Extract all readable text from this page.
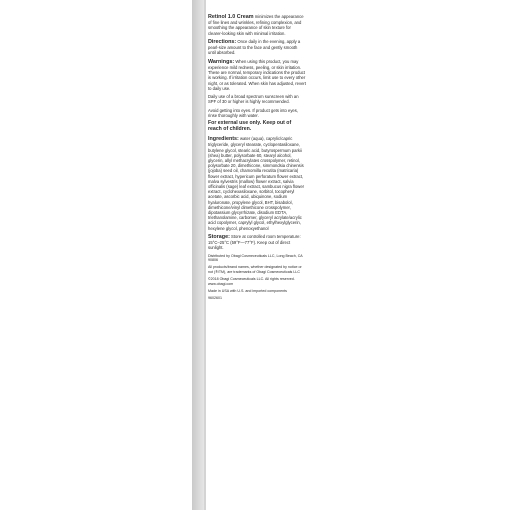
Retinol 1.0 Cream minimizes the appearance of fine lines and wrinkles, refining complexion, and smoothing the appearance of skin texture for clearer-looking skin with minimal irritation.

Directions: Once daily in the evening, apply a pearl-size amount to the face and gently smooth until absorbed.

Warnings: When using this product, you may experience mild redness, peeling, or skin irritation. These are normal, temporary indications the product is working. If irritation occurs, limit use to every other night, or as tolerated. When skin has adjusted, revert to daily use.

Daily use of a broad spectrum sunscreen with an SPF of 30 or higher is highly recommended.

Avoid getting into eyes. If product gets into eyes, rinse thoroughly with water.

For external use only. Keep out of reach of children.

Ingredients: water (aqua), caprylic/capric triglyceride, glyceryl stearate, cyclopentasiloxane, butylene glycol, stearic acid, butyrospermum parkii (shea) butter, polysorbate 60, stearyl alcohol, glycerin, allyl methacrylates crosspolymer, retinol, polysorbate 20, dimethicone, simmondsia chinensis (jojoba) seed oil, chamomilla recutita (matricaria) flower extract, hypericum perforatum flower extract, malva sylvestris (mallow) flower extract, salvia officinalis (sage) leaf extract, sambucus nigra flower extract, cyclohexasiloxane, sorbitol, tocopheryl acetate, ascorbic acid, ubiquinone, sodium hyaluronate, propylene glycol, BHT, bisabolol, dimethicone/vinyl dimethicone crosspolymer, dipotassium glycyrrhizate, disodium EDTA, triethanolamine, carbomer, glyceryl acrylate/acrylic acid copolymer, caprylyl glycol, ethylhexylglycerin, hexylene glycol, phenoxyethanol

Storage: Store at controlled room temperature: 15°C–25°C (59°F—77°F). Keep out of direct sunlight.

Distributed by Obagi Cosmeceuticals LLC, Long Beach, CA 90806

All products/brand names, whether designated by notice or not (®/TM), are trademarks of Obagi Cosmeceuticals LLC

©2018 Obagi Cosmeceuticals LLC. All rights reserved. www.obagi.com

Made in USA with U.S. and imported components

9602601
